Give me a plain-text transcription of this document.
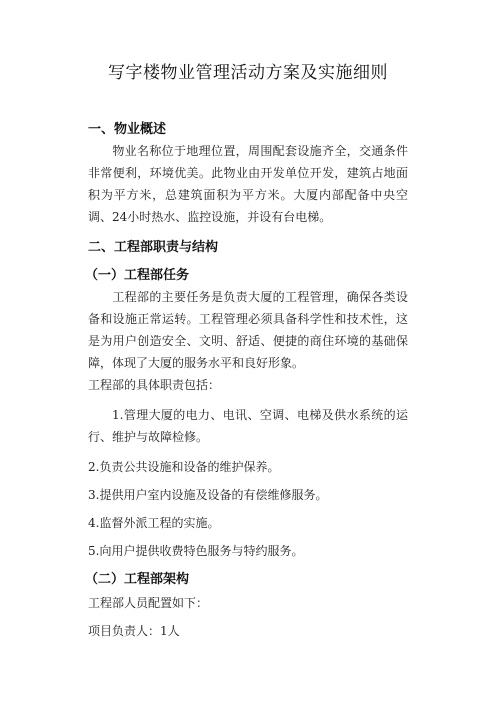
写字楼物业管理活动方案及实施细则
一、物业概述
物业名称位于地理位置，周围配套设施齐全，交通条件非常便利，环境优美。此物业由开发单位开发，建筑占地面积为平方米，总建筑面积为平方米。大厦内部配备中央空调、24小时热水、监控设施，并设有台电梯。
二、工程部职责与结构
（一）工程部任务
工程部的主要任务是负责大厦的工程管理，确保各类设备和设施正常运转。工程管理必须具备科学性和技术性，这是为用户创造安全、文明、舒适、便捷的商住环境的基础保障，体现了大厦的服务水平和良好形象。
工程部的具体职责包括：
1.管理大厦的电力、电讯、空调、电梯及供水系统的运行、维护与故障检修。
2.负责公共设施和设备的维护保养。
3.提供用户室内设施及设备的有偿维修服务。
4.监督外派工程的实施。
5.向用户提供收费特色服务与特约服务。
（二）工程部架构
工程部人员配置如下：
项目负责人：1人
